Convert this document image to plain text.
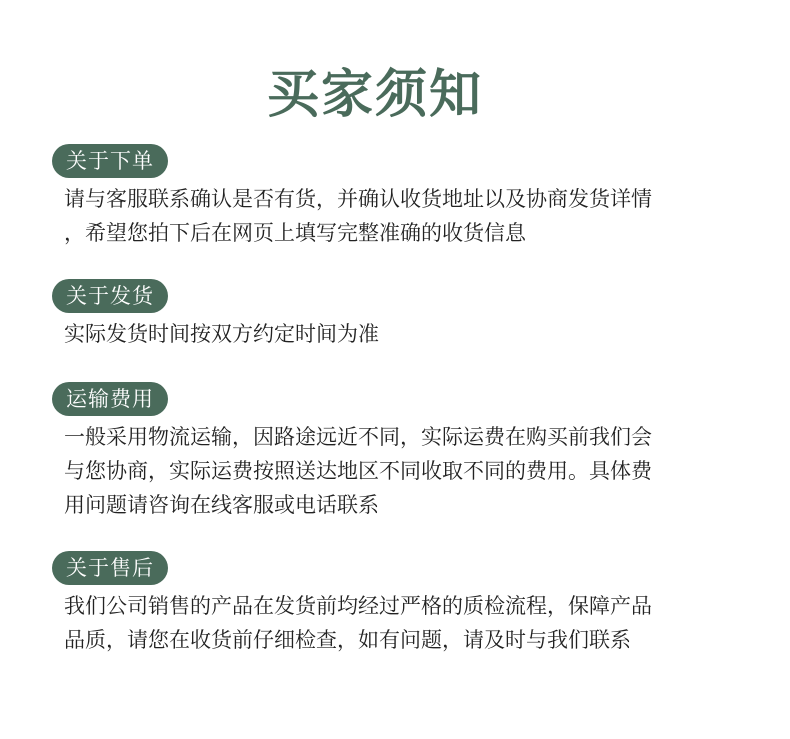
买家须知
关于下单
请与客服联系确认是否有货，并确认收货地址以及协商发货详情
，希望您拍下后在网页上填写完整准确的收货信息
关于发货
实际发货时间按双方约定时间为准
运输费用
一般采用物流运输，因路途远近不同，实际运费在购买前我们会
与您协商，实际运费按照送达地区不同收取不同的费用。具体费
用问题请咨询在线客服或电话联系
关于售后
我们公司销售的产品在发货前均经过严格的质检流程，保障产品
品质，请您在收货前仔细检查，如有问题，请及时与我们联系
